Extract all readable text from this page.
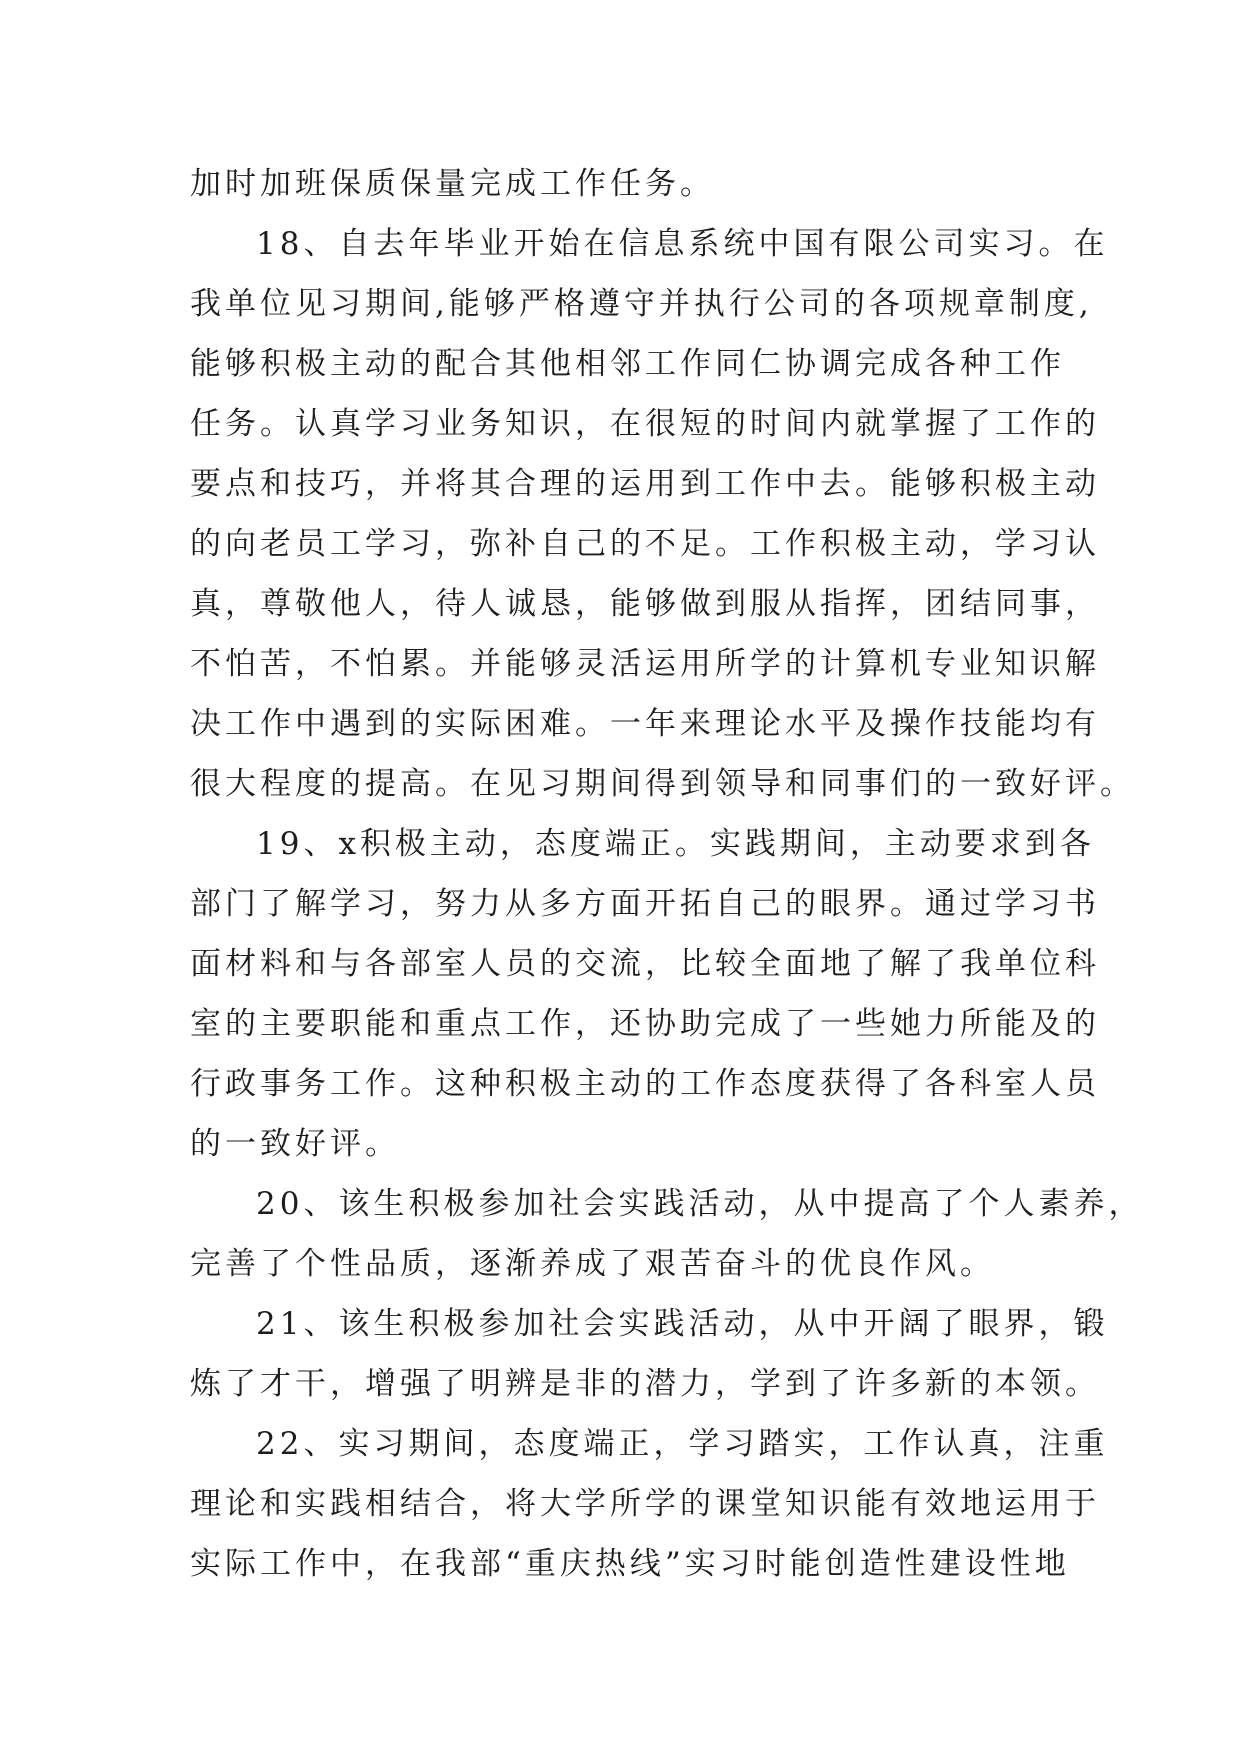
加时加班保质保量完成工作任务。
18、自去年毕业开始在信息系统中国有限公司实习。在
我单位见习期间,能够严格遵守并执行公司的各项规章制度,
能够积极主动的配合其他相邻工作同仁协调完成各种工作
任务。认真学习业务知识，在很短的时间内就掌握了工作的
要点和技巧，并将其合理的运用到工作中去。能够积极主动
的向老员工学习，弥补自己的不足。工作积极主动，学习认
真，尊敬他人，待人诚恳，能够做到服从指挥，团结同事，
不怕苦，不怕累。并能够灵活运用所学的计算机专业知识解
决工作中遇到的实际困难。一年来理论水平及操作技能均有
很大程度的提高。在见习期间得到领导和同事们的一致好评。
19、x积极主动，态度端正。实践期间，主动要求到各
部门了解学习，努力从多方面开拓自己的眼界。通过学习书
面材料和与各部室人员的交流，比较全面地了解了我单位科
室的主要职能和重点工作，还协助完成了一些她力所能及的
行政事务工作。这种积极主动的工作态度获得了各科室人员
的一致好评。
20、该生积极参加社会实践活动，从中提高了个人素养，
完善了个性品质，逐渐养成了艰苦奋斗的优良作风。
21、该生积极参加社会实践活动，从中开阔了眼界，锻
炼了才干，增强了明辨是非的潜力，学到了许多新的本领。
22、实习期间，态度端正，学习踏实，工作认真，注重
理论和实践相结合，将大学所学的课堂知识能有效地运用于
实际工作中，在我部“重庆热线”实习时能创造性建设性地
